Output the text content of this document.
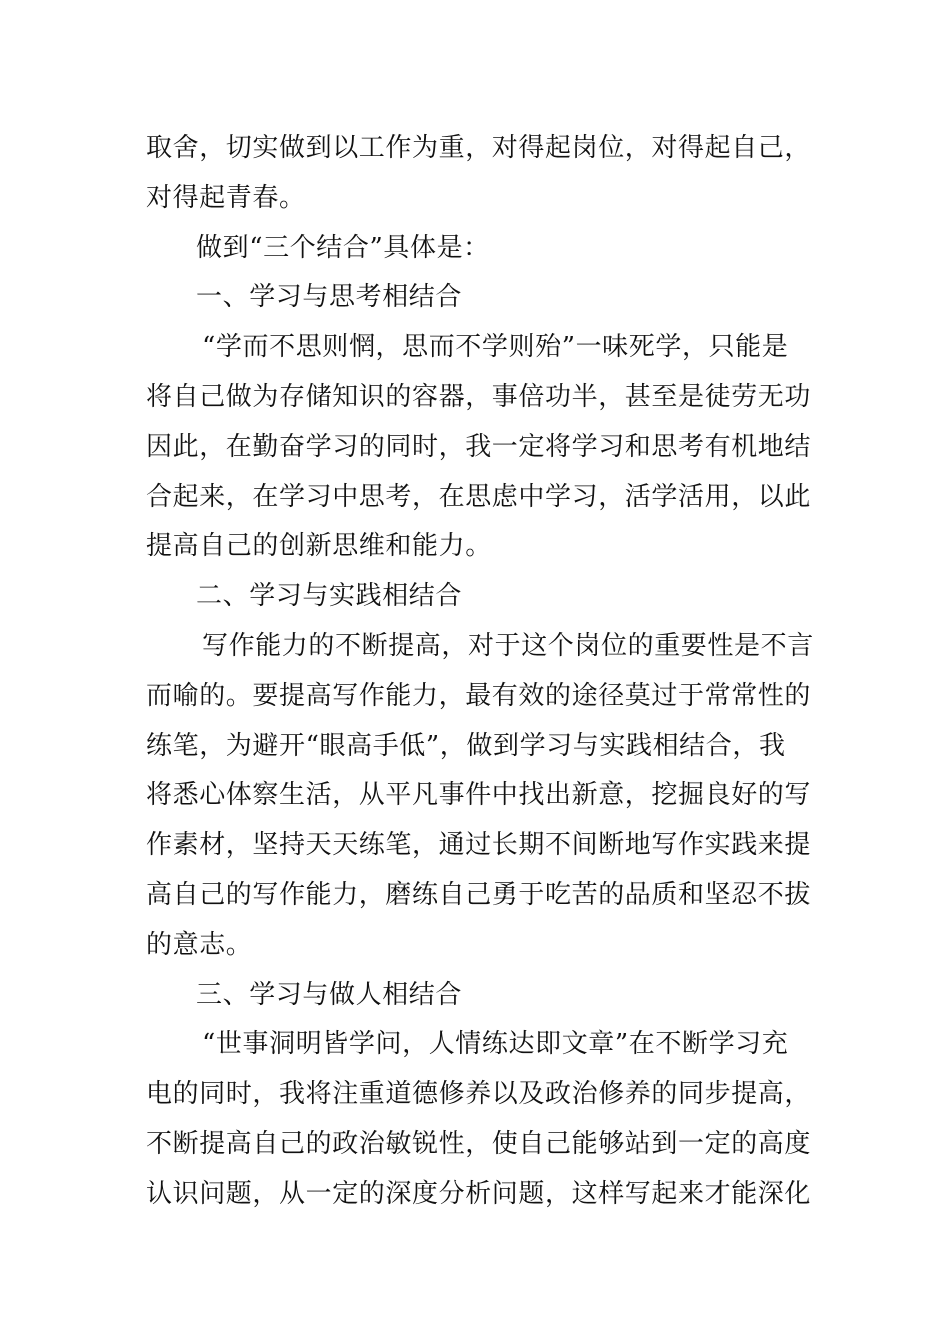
取舍，切实做到以工作为重，对得起岗位，对得起自己，
对得起青春。
做到“三个结合”具体是：
一、学习与思考相结合
“学而不思则惘，思而不学则殆”一味死学，只能是
将自己做为存储知识的容器，事倍功半，甚至是徒劳无功
因此，在勤奋学习的同时，我一定将学习和思考有机地结
合起来，在学习中思考，在思虑中学习，活学活用，以此
提高自己的创新思维和能力。
二、学习与实践相结合
写作能力的不断提高，对于这个岗位的重要性是不言
而喻的。要提高写作能力，最有效的途径莫过于常常性的
练笔，为避开“眼高手低”，做到学习与实践相结合，我
将悉心体察生活，从平凡事件中找出新意，挖掘良好的写
作素材，坚持天天练笔，通过长期不间断地写作实践来提
高自己的写作能力，磨练自己勇于吃苦的品质和坚忍不拔
的意志。
三、学习与做人相结合
“世事洞明皆学问，人情练达即文章”在不断学习充
电的同时，我将注重道德修养以及政治修养的同步提高，
不断提高自己的政治敏锐性，使自己能够站到一定的高度
认识问题，从一定的深度分析问题，这样写起来才能深化
